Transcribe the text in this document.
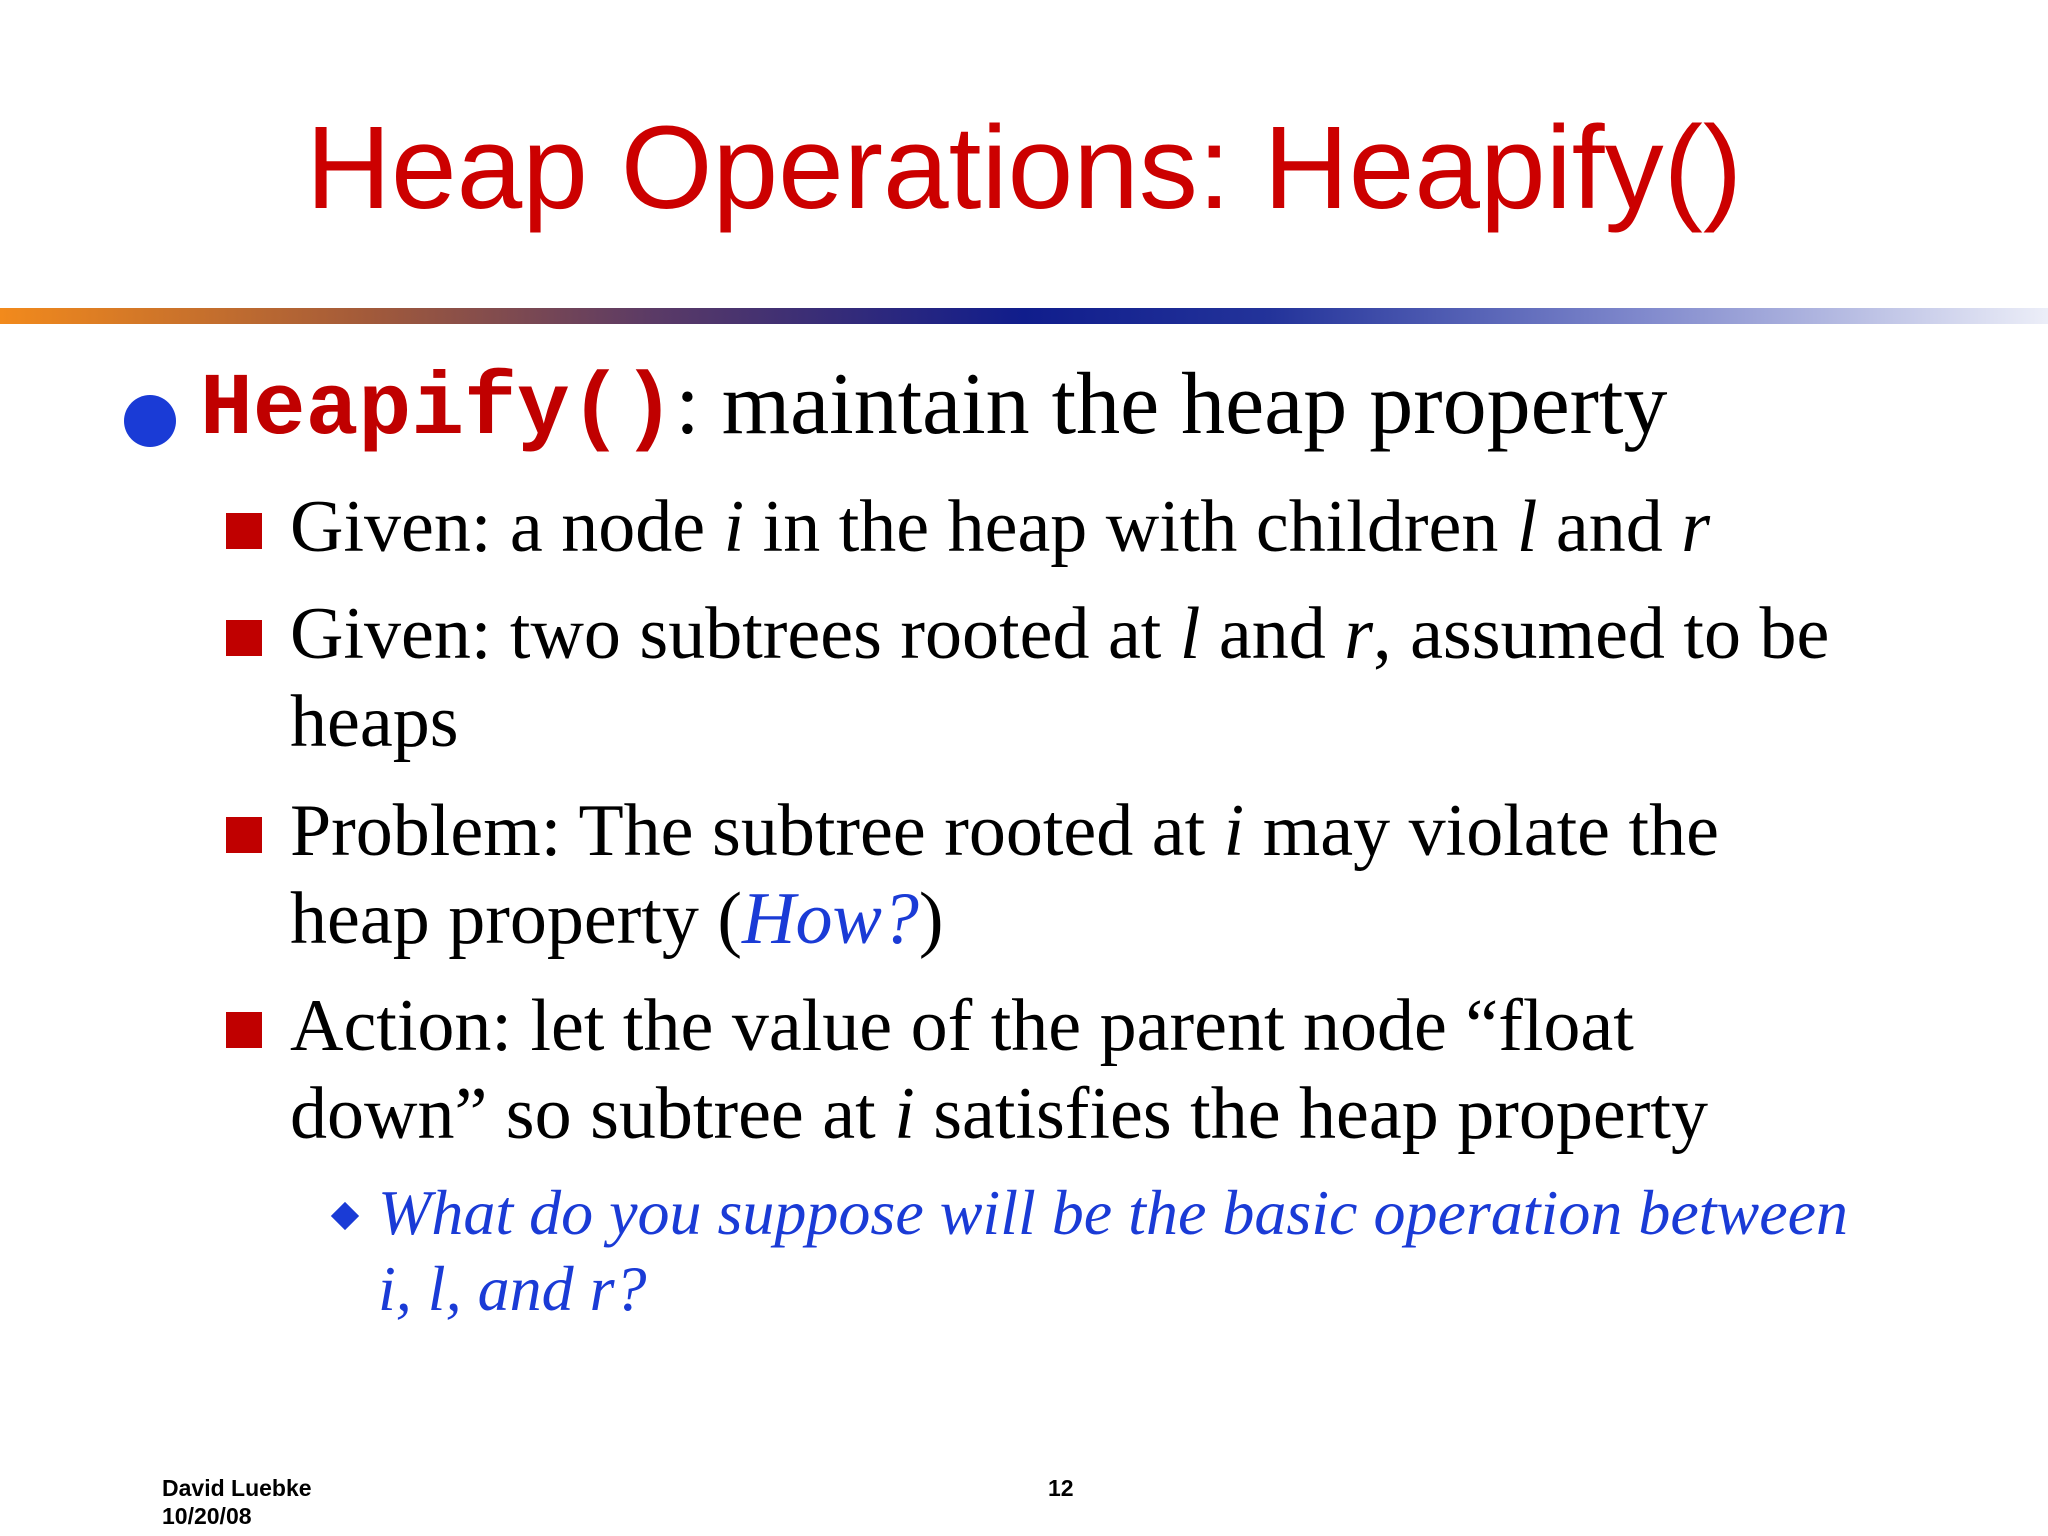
Heap Operations: Heapify()
Heapify(): maintain the heap property
Given: a node i in the heap with children l and r
Given: two subtrees rooted at l and r, assumed to be
heaps
Problem: The subtree rooted at i may violate the
heap property (How?)
Action: let the value of the parent node “float
down” so subtree at i satisfies the heap property
What do you suppose will be the basic operation between
i, l, and r?
David Luebke
10/20/08
12
